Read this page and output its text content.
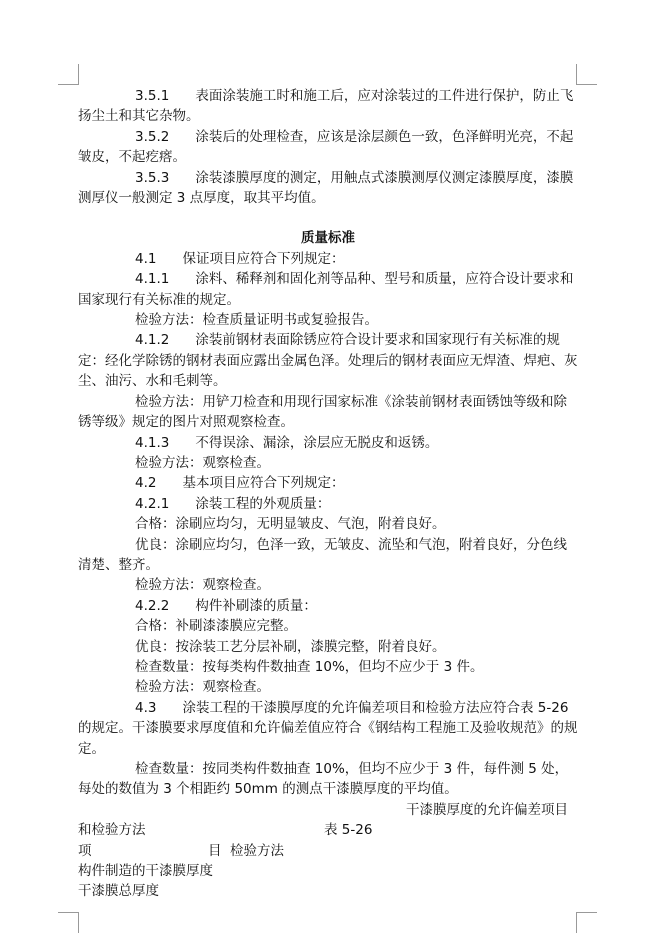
3.5.1 表面涂装施工时和施工后，应对涂装过的工件进行保护，防止飞扬尘土和其它杂物。

3.5.2 涂装后的处理检查，应该是涂层颜色一致，色泽鲜明光亮，不起皱皮，不起疙瘩。

3.5.3 涂装漆膜厚度的测定，用触点式漆膜测厚仪测定漆膜厚度，漆膜测厚仪一般测定 3 点厚度，取其平均值。

质量标准

4.1 保证项目应符合下列规定：

4.1.1 涂料、稀释剂和固化剂等品种、型号和质量，应符合设计要求和国家现行有关标准的规定。

检验方法：检查质量证明书或复验报告。

4.1.2 涂装前钢材表面除锈应符合设计要求和国家现行有关标准的规定：经化学除锈的钢材表面应露出金属色泽。处理后的钢材表面应无焊渣、焊疤、灰尘、油污、水和毛刺等。

检验方法：用铲刀检查和用现行国家标准《涂装前钢材表面锈蚀等级和除锈等级》规定的图片对照观察检查。

4.1.3 不得误涂、漏涂，涂层应无脱皮和返锈。

检验方法：观察检查。

4.2 基本项目应符合下列规定：

4.2.1 涂装工程的外观质量：

合格：涂刷应均匀，无明显皱皮、气泡，附着良好。

优良：涂刷应均匀，色泽一致，无皱皮、流坠和气泡，附着良好，分色线清楚、整齐。

检验方法：观察检查。

4.2.2 构件补刷漆的质量：

合格：补刷漆漆膜应完整。

优良：按涂装工艺分层补刷，漆膜完整，附着良好。

检查数量：按每类构件数抽查 10%，但均不应少于 3 件。

检验方法：观察检查。

4.3 涂装工程的干漆膜厚度的允许偏差项目和检验方法应符合表 5-26 的规定。干漆膜要求厚度值和允许偏差值应符合《钢结构工程施工及验收规范》的规定。

检查数量：按同类构件数抽查 10%，但均不应少于 3 件，每件测 5 处，每处的数值为 3 个相距约 50mm 的测点干漆膜厚度的平均值。

干漆膜厚度的允许偏差项目

和检验方法	表 5-26
项	目 检验方法
构件制造的干漆膜厚度
干漆膜总厚度
